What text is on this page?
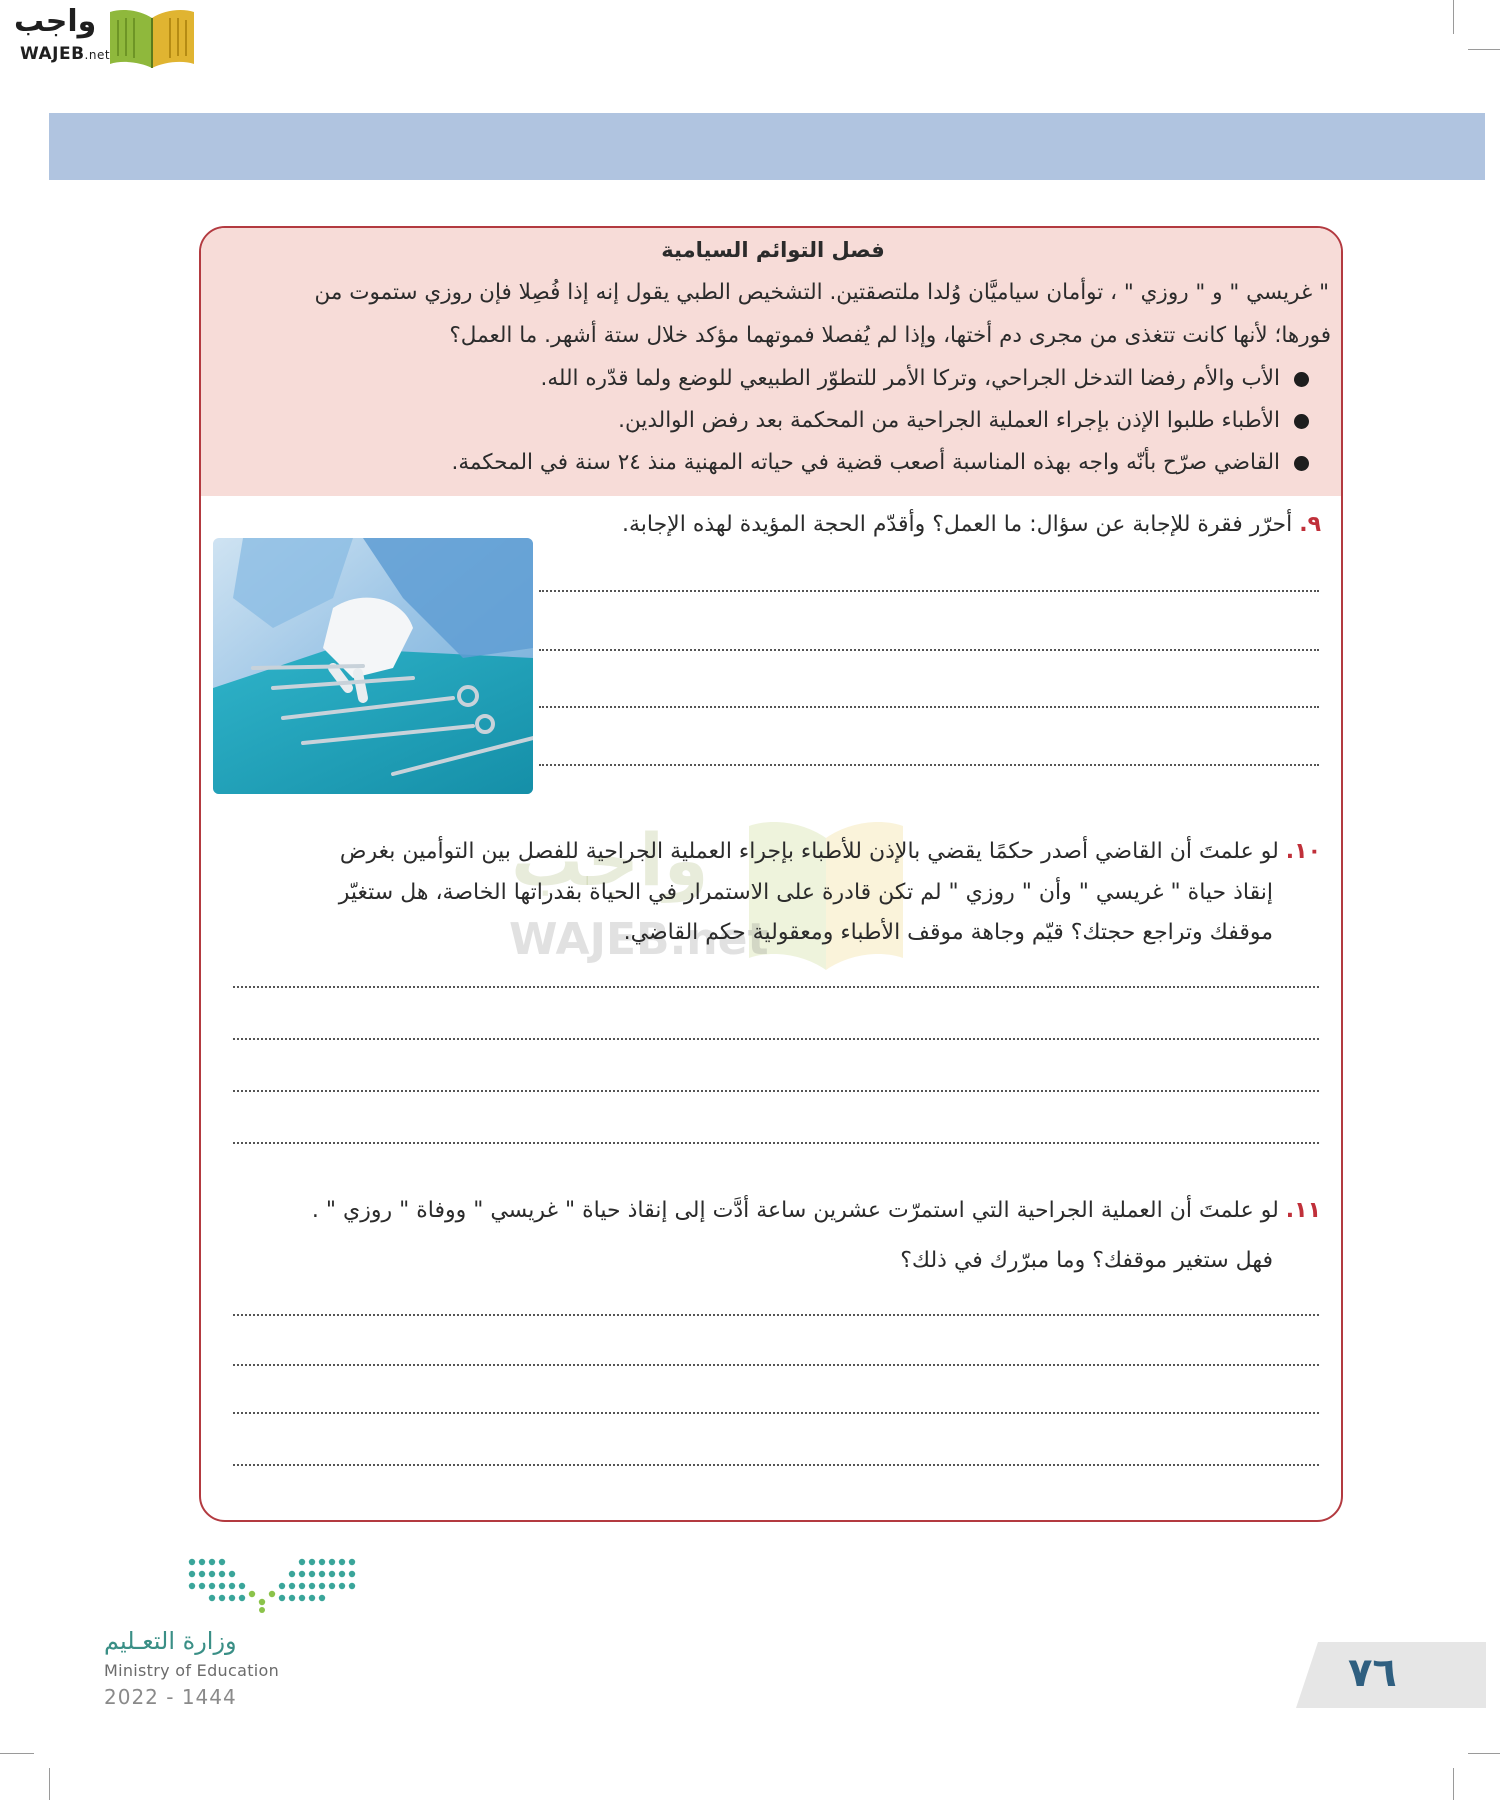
واجب
WAJEB.net
فصل التوائم السيامية
" غريسي " و " روزي " ، توأمان سياميَّان وُلدا ملتصقتين. التشخيص الطبي يقول إنه إذا فُصِلا فإن روزي ستموت من
فورها؛ لأنها كانت تتغذى من مجرى دم أختها، وإذا لم يُفصلا فموتهما مؤكد خلال ستة أشهر. ما العمل؟
الأب والأم رفضا التدخل الجراحي، وتركا الأمر للتطوّر الطبيعي للوضع ولما قدّره الله.
الأطباء طلبوا الإذن بإجراء العملية الجراحية من المحكمة بعد رفض الوالدين.
القاضي صرّح بأنّه واجه بهذه المناسبة أصعب قضية في حياته المهنية منذ ٢٤ سنة في المحكمة.
٩. أحرّر فقرة للإجابة عن سؤال: ما العمل؟ وأقدّم الحجة المؤيدة لهذه الإجابة.
واجب
WAJEB.net
١٠. لو علمتَ أن القاضي أصدر حكمًا يقضي بالإذن للأطباء بإجراء العملية الجراحية للفصل بين التوأمين بغرض
إنقاذ حياة " غريسي " وأن " روزي " لم تكن قادرة على الاستمرار في الحياة بقدراتها الخاصة، هل ستغيّر
موقفك وتراجع حجتك؟ قيّم وجاهة موقف الأطباء ومعقولية حكم القاضي.
١١. لو علمتَ أن العملية الجراحية التي استمرّت عشرين ساعة أدَّت إلى إنقاذ حياة " غريسي " ووفاة " روزي " .
فهل ستغير موقفك؟ وما مبرّرك في ذلك؟
وزارة التعـليم
Ministry of Education
2022 - 1444
٧٦
